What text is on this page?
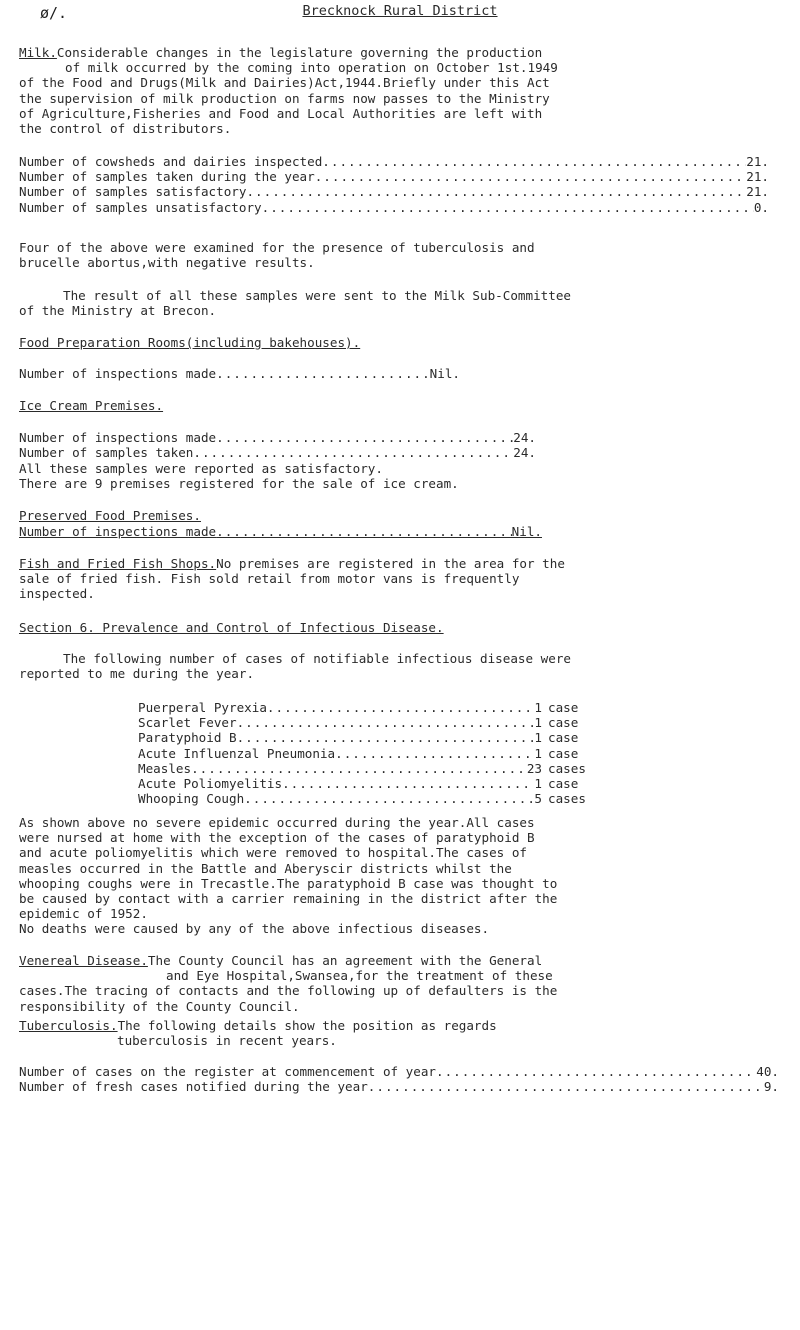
ø/.	Brecknock Rural District
Milk.Considerable changes in the legislature governing the production
of milk occurred by the coming into operation on October 1st.1949
of the Food and Drugs(Milk and Dairies)Act,1944.Briefly under this Act
the supervision of milk production on farms now passes to the Ministry
of Agriculture,Fisheries and Food and Local Authorities are left with
the control of distributors.
Number of cowsheds and dairies inspected .....	21.
Number of samples taken during the year .....	21.
Number of samples satisfactory .....	21.
Number of samples unsatisfactory .....	0.
Four of the above were examined for the presence of tuberculosis and
brucelle abortus,with negative results.
The result of all these samples were sent to the Milk Sub-Committee
of the Ministry at Brecon.
Food Preparation Rooms(including bakehouses).
Number of inspections made .....	Nil.
Ice Cream Premises.
Number of inspections made .....	24.
Number of samples taken .....	24.
All these samples were reported as satisfactory.
There are 9 premises registered for the sale of ice cream.
Preserved Food Premises.
Number of inspections made .....	Nil.
Fish and Fried Fish Shops.No premises are registered in the area for the
sale of fried fish. Fish sold retail from motor vans is frequently
inspected.
Section 6. Prevalence and Control of Infectious Disease.
The following number of cases of notifiable infectious disease were
reported to me during the year.
Puerperal Pyrexia .....	1 case
Scarlet Fever .....	1 case
Paratyphoid B .....	1 case
Acute Influenzal Pneumonia .....	1 case
Measles .....	23 cases
Acute Poliomyelitis .....	1 case
Whooping Cough .....	5 cases
As shown above no severe epidemic occurred during the year.All cases
were nursed at home with the exception of the cases of paratyphoid B
and acute poliomyelitis which were removed to hospital.The cases of
measles occurred in the Battle and Aberyscir districts whilst the
whooping coughs were in Trecastle.The paratyphoid B case was thought to
be caused by contact with a carrier remaining in the district after the
epidemic of 1952.
No deaths were caused by any of the above infectious diseases.
Venereal Disease.The County Council has an agreement with the General
and Eye Hospital,Swansea,for the treatment of these
cases.The tracing of contacts and the following up of defaulters is the
responsibility of the County Council.
Tuberculosis.The following details show the position as regards
tuberculosis in recent years.
Number of cases on the register at commencement of year .....	40.
Number of fresh cases notified during the year .....	9.
